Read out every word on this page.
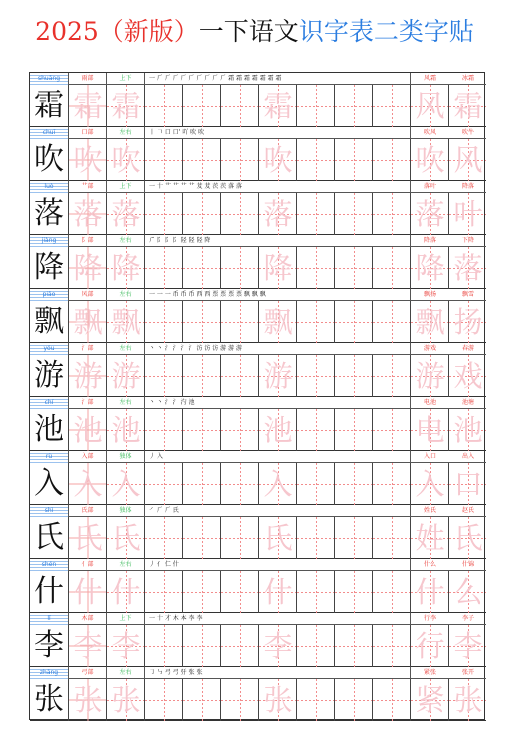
2025（新版）一下语文识字表二类字贴
shuāng	雨部	上下	一 𠂆 𠂆 𠂆 𠂆 𠂆 𠂆 𠂆 𠂆 𠂆 霜 霜 霜 霜 霜 霜 霜	风霜	冰霜
霜 霜 霜	霜	风 霜
chuī	口部	左右	丨 𠃍 口 口' 吖 吹 吹	吹风	吹牛
吹 吹 吹	吹	吹 风
luò	艹部	上下	一 十 艹 艹 艹 艹 茇 茇 茨 茨 落 落	落叶	降落
落 落 落	落	落 叶
jiàng	阝部	左右	⺁ 阝 阝 阝 陉 陉 陉 降	降落	下降
降 降 降	降	降 落
piāo	风部	左右	一 一 一 币 币 币 西 西 票 票 票 票 飘 飘 飘	飘扬	飘雪
飘 飘 飘	飘	飘 扬
yóu	氵部	左右	丶 丶 氵 氵 氵 氵 汸 汸 汸 游 游 游	游戏	春游
游 游 游	游	游 戏
chí	氵部	左右	丶 丶 氵 氵 汋 池	电池	池塘
池 池 池	池	电 池
rù	入部	独体	丿 入	入口	出入
入 入 入	入	入 口
shì	氏部	独体	㇒ 𠂆 𠂆 氏	姓氏	赵氏
氏 氏 氏	氏	姓 氏
shén	亻部	左右	丿 亻 仁 什	什么	什锦
什 什 什	什	什 么
lǐ	木部	上下	一 十 才 木 本 李 李	行李	李子
李 李 李	李	行 李
zhāng	弓部	左右	㇆ ㇉ 弓 弓 弙 张 张	紧张	张开
张 张 张	张	紧 张
